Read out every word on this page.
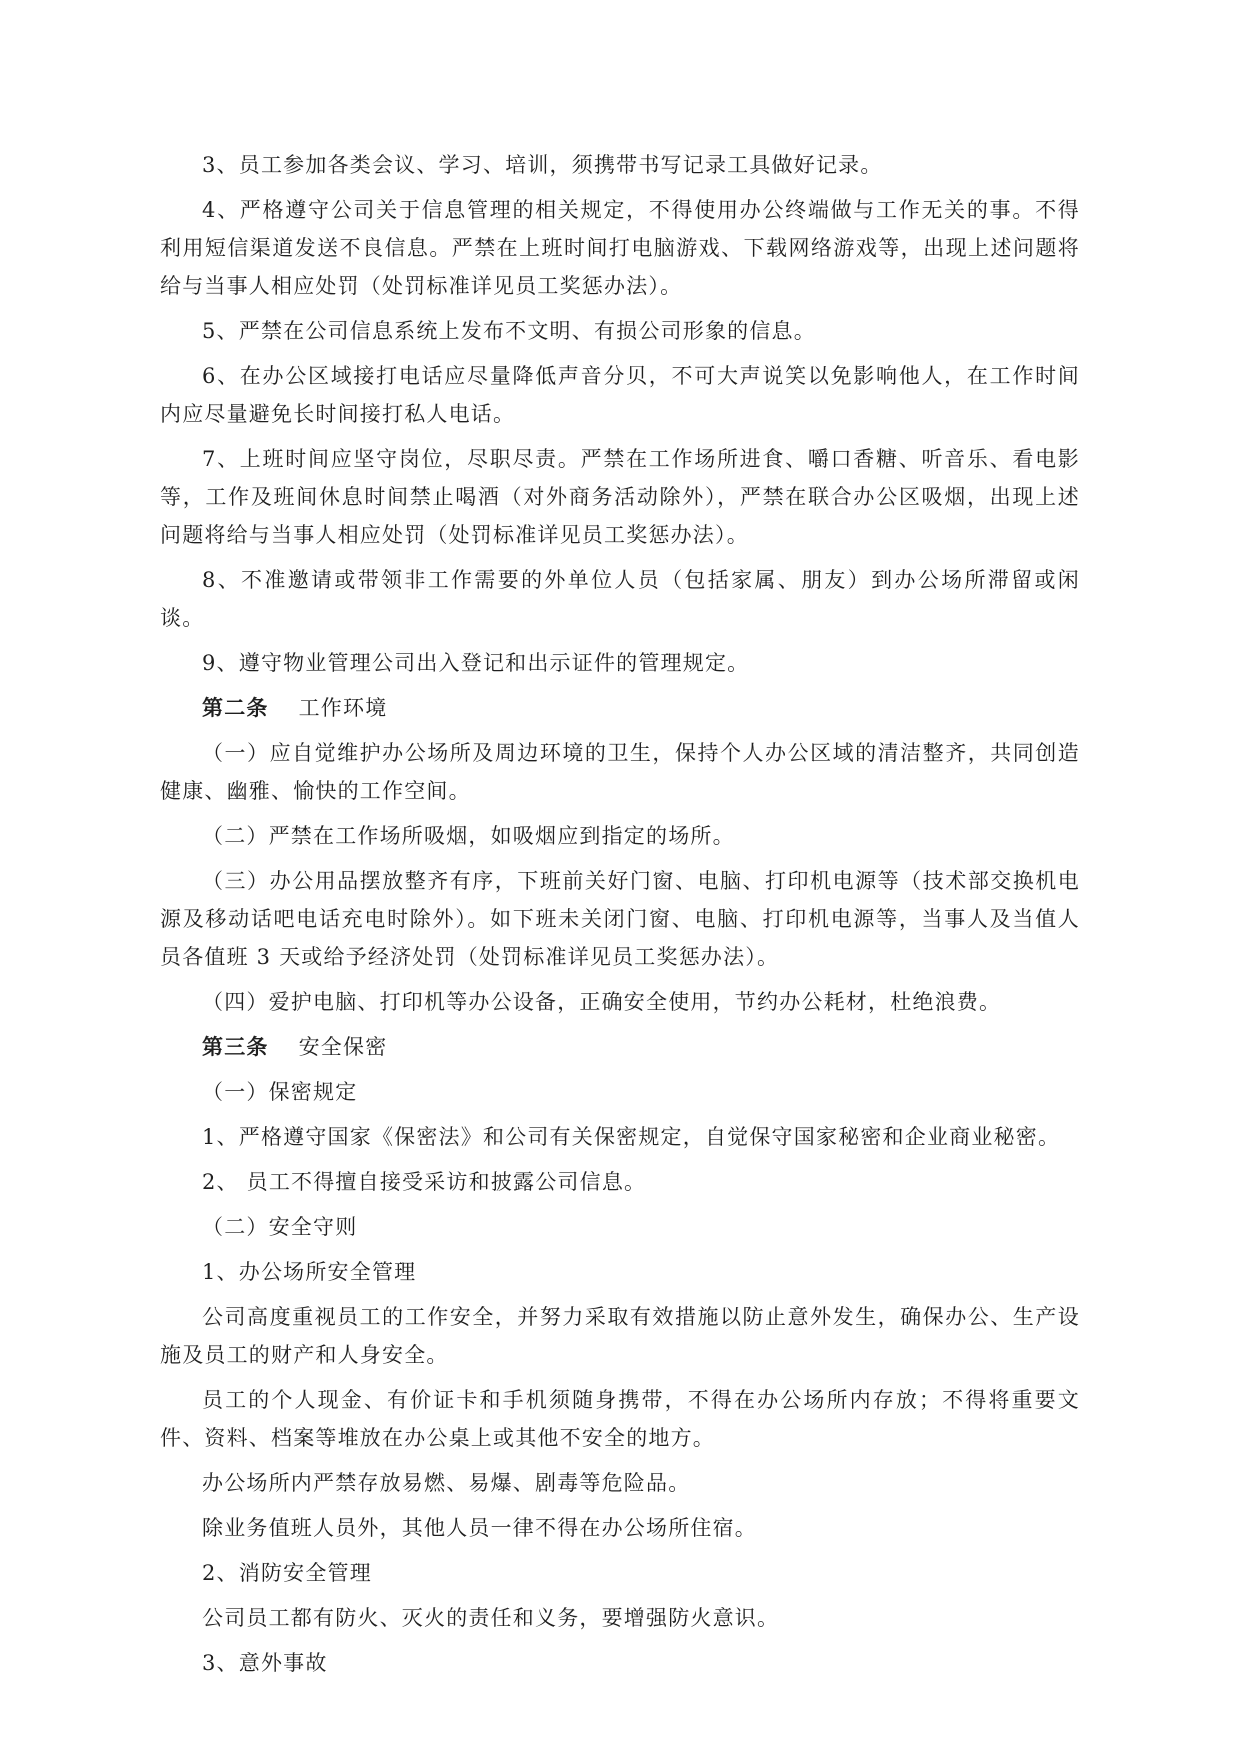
3、员工参加各类会议、学习、培训，须携带书写记录工具做好记录。

4、严格遵守公司关于信息管理的相关规定，不得使用办公终端做与工作无关的事。不得利用短信渠道发送不良信息。严禁在上班时间打电脑游戏、下载网络游戏等，出现上述问题将给与当事人相应处罚（处罚标准详见员工奖惩办法）。

5、严禁在公司信息系统上发布不文明、有损公司形象的信息。

6、在办公区域接打电话应尽量降低声音分贝，不可大声说笑以免影响他人，在工作时间内应尽量避免长时间接打私人电话。

7、上班时间应坚守岗位，尽职尽责。严禁在工作场所进食、嚼口香糖、听音乐、看电影等，工作及班间休息时间禁止喝酒（对外商务活动除外），严禁在联合办公区吸烟，出现上述问题将给与当事人相应处罚（处罚标准详见员工奖惩办法）。

8、不准邀请或带领非工作需要的外单位人员（包括家属、朋友）到办公场所滞留或闲谈。

9、遵守物业管理公司出入登记和出示证件的管理规定。

第二条 工作环境

（一）应自觉维护办公场所及周边环境的卫生，保持个人办公区域的清洁整齐，共同创造健康、幽雅、愉快的工作空间。

（二）严禁在工作场所吸烟，如吸烟应到指定的场所。

（三）办公用品摆放整齐有序，下班前关好门窗、电脑、打印机电源等（技术部交换机电源及移动话吧电话充电时除外）。如下班未关闭门窗、电脑、打印机电源等，当事人及当值人员各值班 3 天或给予经济处罚（处罚标准详见员工奖惩办法）。

（四）爱护电脑、打印机等办公设备，正确安全使用，节约办公耗材，杜绝浪费。

第三条 安全保密

（一）保密规定

1、严格遵守国家《保密法》和公司有关保密规定，自觉保守国家秘密和企业商业秘密。

2、 员工不得擅自接受采访和披露公司信息。

（二）安全守则

1、办公场所安全管理

公司高度重视员工的工作安全，并努力采取有效措施以防止意外发生，确保办公、生产设施及员工的财产和人身安全。

员工的个人现金、有价证卡和手机须随身携带，不得在办公场所内存放；不得将重要文件、资料、档案等堆放在办公桌上或其他不安全的地方。

办公场所内严禁存放易燃、易爆、剧毒等危险品。

除业务值班人员外，其他人员一律不得在办公场所住宿。

2、消防安全管理

公司员工都有防火、灭火的责任和义务，要增强防火意识。

3、意外事故
